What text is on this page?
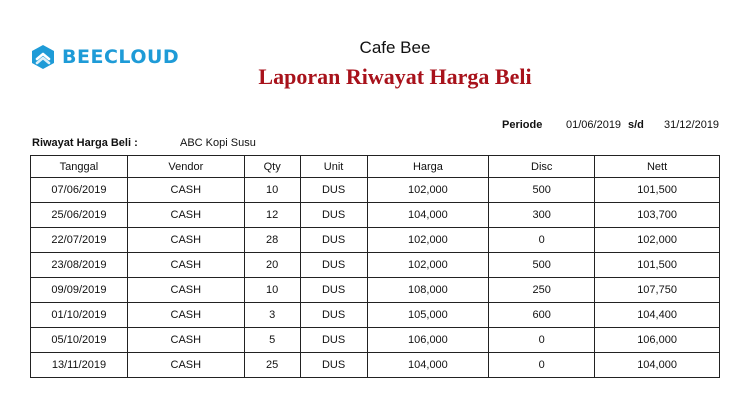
BEECLOUD	Cafe Bee
Laporan Riwayat Harga Beli
Periode 01/06/2019 s/d 31/12/2019
Riwayat Harga Beli :	ABC Kopi Susu
Tanggal	Vendor	Qty	Unit	Harga	Disc	Nett
07/06/2019	CASH	10	DUS	102,000	500	101,500
25/06/2019	CASH	12	DUS	104,000	300	103,700
22/07/2019	CASH	28	DUS	102,000	0	102,000
23/08/2019	CASH	20	DUS	102,000	500	101,500
09/09/2019	CASH	10	DUS	108,000	250	107,750
01/10/2019	CASH	3	DUS	105,000	600	104,400
05/10/2019	CASH	5	DUS	106,000	0	106,000
13/11/2019	CASH	25	DUS	104,000	0	104,000
